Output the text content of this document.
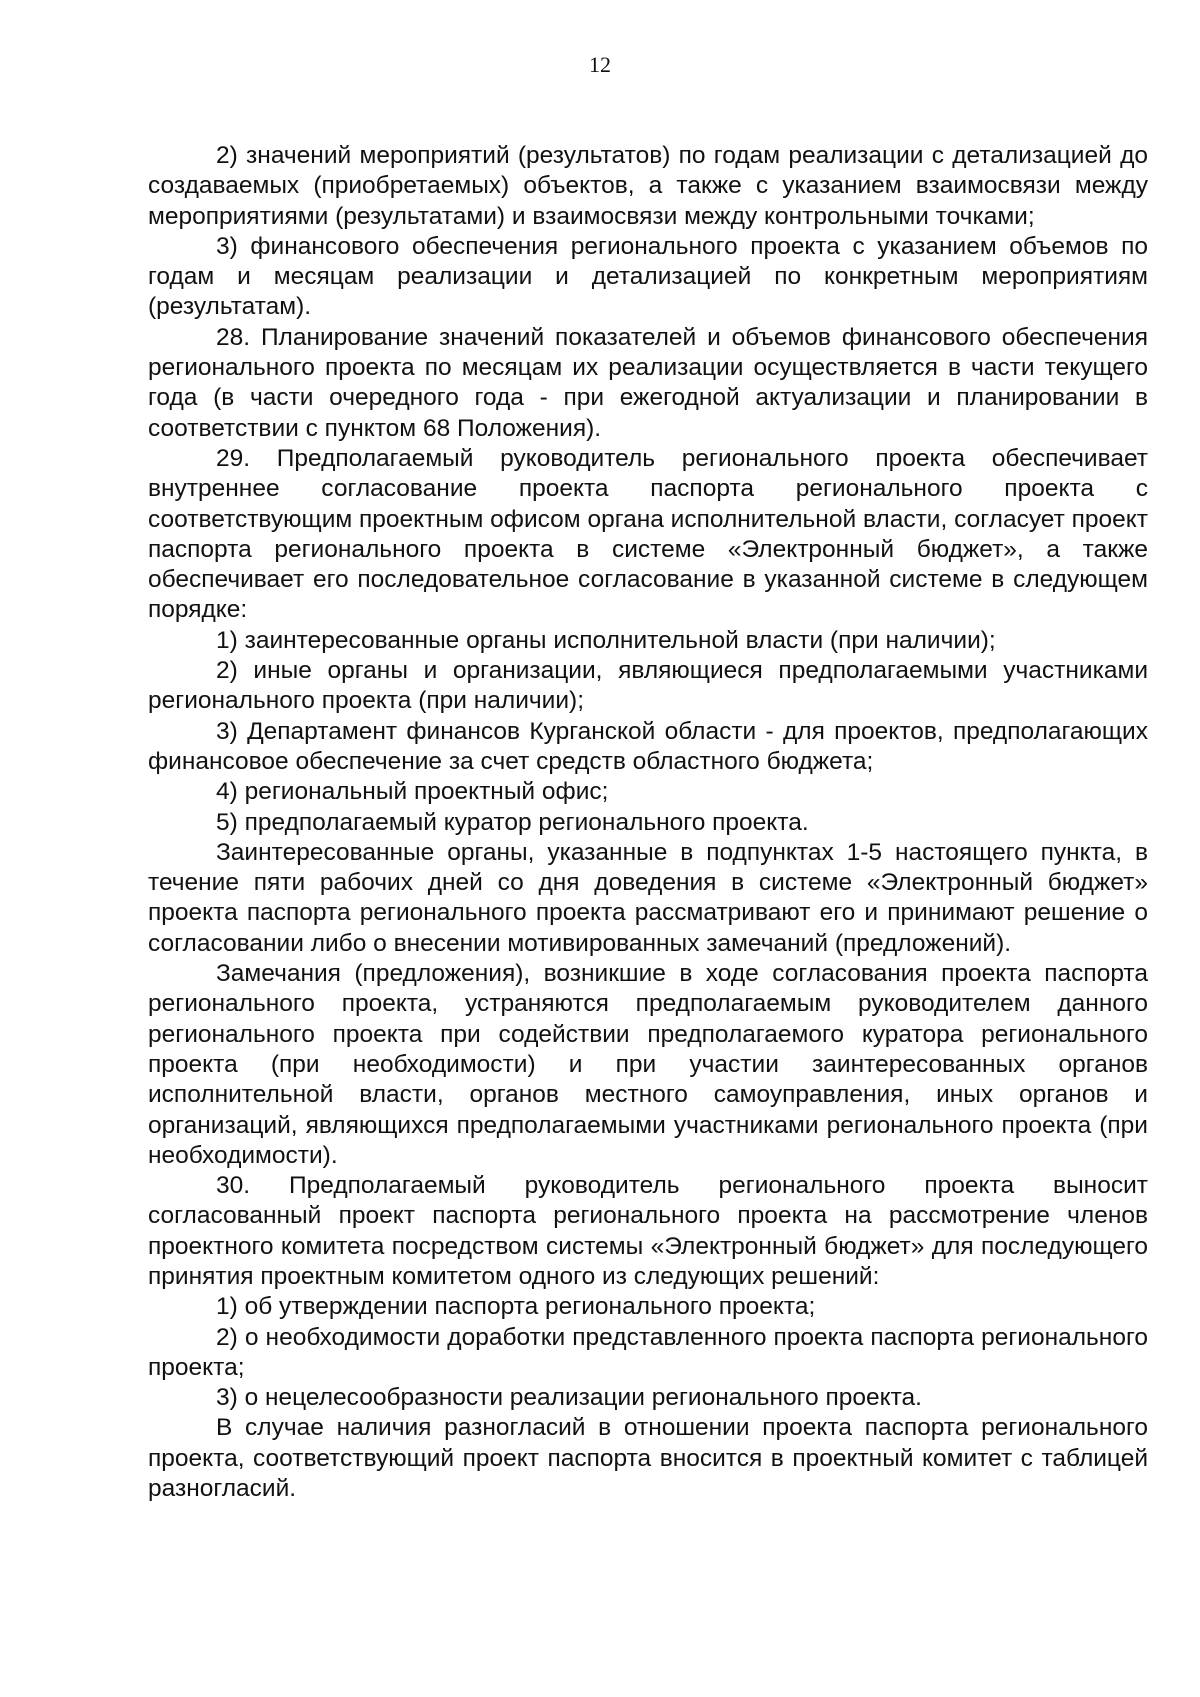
12

2) значений мероприятий (результатов) по годам реализации с детализацией до создаваемых (приобретаемых) объектов, а также с указанием взаимосвязи между мероприятиями (результатами) и взаимосвязи между контрольными точками;

3) финансового обеспечения регионального проекта с указанием объемов по годам и месяцам реализации и детализацией по конкретным мероприятиям (результатам).

28. Планирование значений показателей и объемов финансового обеспечения регионального проекта по месяцам их реализации осуществляется в части текущего года (в части очередного года - при ежегодной актуализации и планировании в соответствии с пунктом 68 Положения).

29. Предполагаемый руководитель регионального проекта обеспечивает внутреннее согласование проекта паспорта регионального проекта с соответствующим проектным офисом органа исполнительной власти, согласует проект паспорта регионального проекта в системе «Электронный бюджет», а также обеспечивает его последовательное согласование в указанной системе в следующем порядке:

1) заинтересованные органы исполнительной власти (при наличии);

2) иные органы и организации, являющиеся предполагаемыми участниками регионального проекта (при наличии);

3) Департамент финансов Курганской области - для проектов, предполагающих финансовое обеспечение за счет средств областного бюджета;

4) региональный проектный офис;

5) предполагаемый куратор регионального проекта.

Заинтересованные органы, указанные в подпунктах 1-5 настоящего пункта, в течение пяти рабочих дней со дня доведения в системе «Электронный бюджет» проекта паспорта регионального проекта рассматривают его и принимают решение о согласовании либо о внесении мотивированных замечаний (предложений).

Замечания (предложения), возникшие в ходе согласования проекта паспорта регионального проекта, устраняются предполагаемым руководителем данного регионального проекта при содействии предполагаемого куратора регионального проекта (при необходимости) и при участии заинтересованных органов исполнительной власти, органов местного самоуправления, иных органов и организаций, являющихся предполагаемыми участниками регионального проекта (при необходимости).

30. Предполагаемый руководитель регионального проекта выносит согласованный проект паспорта регионального проекта на рассмотрение членов проектного комитета посредством системы «Электронный бюджет» для последующего принятия проектным комитетом одного из следующих решений:

1) об утверждении паспорта регионального проекта;

2) о необходимости доработки представленного проекта паспорта регионального проекта;

3) о нецелесообразности реализации регионального проекта.

В случае наличия разногласий в отношении проекта паспорта регионального проекта, соответствующий проект паспорта вносится в проектный комитет с таблицей разногласий.
